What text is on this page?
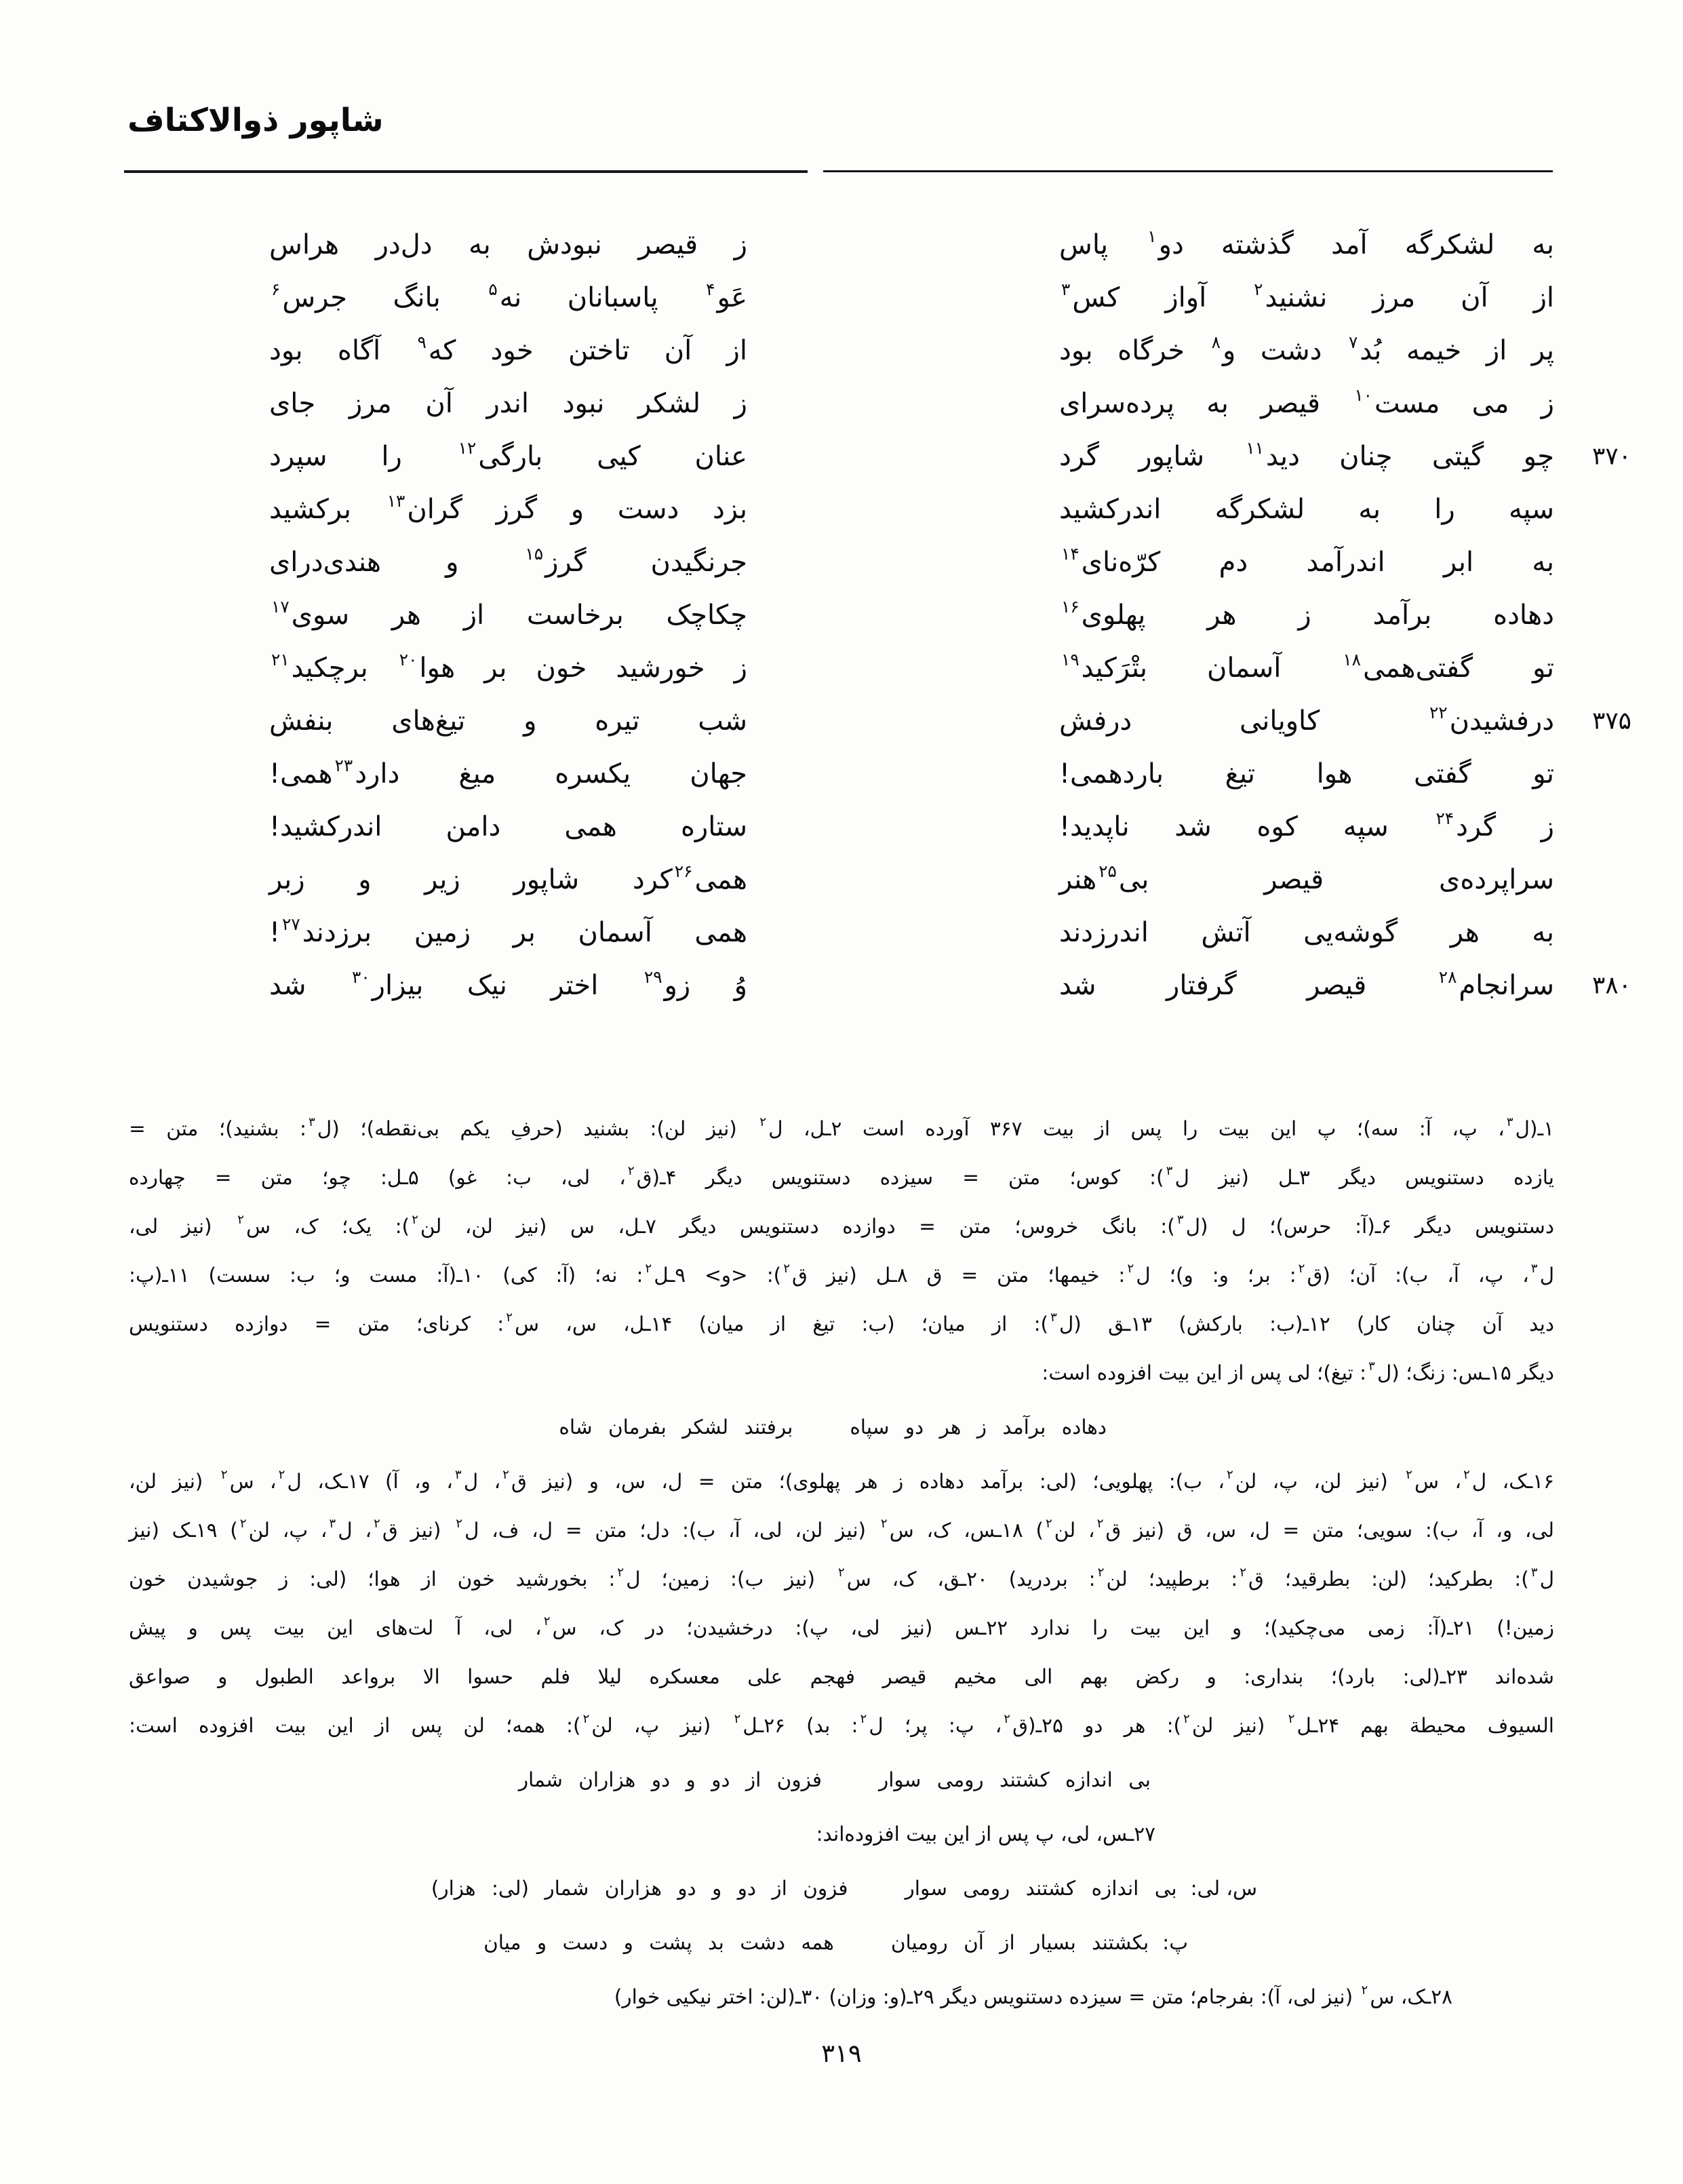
شاپور ذوالاکتاف
به لشکرگه آمد گذشته دو$^۱$ پاس
ز قیصر نبودش به دل‌در هراس
از آن مرز نشنید$^۲$ آواز کس$^۳$
عَو$^۴$ پاسبانان نه$^۵$ بانگ جرس$^۶$
پر از خیمه بُد$^۷$ دشت و$^۸$ خرگاه بود
از آن تاختن خود که$^۹$ آگاه بود
ز می مست$^{۱۰}$ قیصر به پرده‌سرای
ز لشکر نبود اندر آن مرز جای
چو گیتی چنان دید$^{۱۱}$ شاپور گرد
عنان کیی بارگی$^{۱۲}$ را سپرد	۳۷۰
سپه را به لشکرگه اندرکشید
بزد دست و گرز گران$^{۱۳}$ برکشید
به ابر اندرآمد دم کرّه‌نای$^{۱۴}$
جرنگیدن گرز$^{۱۵}$ و هندی‌درای
دهاده برآمد ز هر پهلوی$^{۱۶}$
چکاچک برخاست از هر سوی$^{۱۷}$
تو گفتی‌همی$^{۱۸}$ آسمان بتْرَکید$^{۱۹}$
ز خورشید خون بر هوا$^{۲۰}$ برچکید$^{۲۱}$
درفشیدن$^{۲۲}$ کاویانی درفش
شب تیره و تیغ‌های بنفش	۳۷۵
تو گفتی هوا تیغ باردهمی!
جهان یکسره میغ دارد$^{۲۳}$همی!
ز گرد$^{۲۴}$ سپه کوه شد ناپدید!
ستاره همی دامن اندرکشید!
سراپرده‌ی قیصر بی$^{۲۵}$هنر
همی$^{۲۶}$کرد شاپور زیر و زبر
به هر گوشه‌یی آتش اندرزدند
همی آسمان بر زمین برزدند$^{۲۷}$!
سرانجام$^{۲۸}$ قیصر گرفتار شد
وُ زو$^{۲۹}$ اختر نیک بیزار$^{۳۰}$ شد	۳۸۰
۱ـ(ل$^۳$، پ، آ: سه)؛ پ این بیت را پس از بیت ۳۶۷ آورده است ۲ـل، ل$^۲$ (نیز لن): بشنید (حرفِ یکم بی‌نقطه)؛ (ل$^۳$: بشنید)؛ متن =
یازده دستنویس دیگر ۳ـل (نیز ل$^۳$): کوس؛ متن = سیزده دستنویس دیگر ۴ـ(ق$^۲$، لی، ب: غو) ۵ـل: چو؛ متن = چهارده
دستنویس دیگر ۶ـ(آ: حرس)؛ ل (ل$^۳$): بانگ خروس؛ متن = دوازده دستنویس دیگر ۷ـل، س (نیز لن، لن$^۲$): یک؛ ک، س$^۲$ (نیز لی،
ل$^۳$، پ، آ، ب): آن؛ (ق$^۲$: بر؛ و: و)؛ ل$^۲$: خیمها؛ متن = ق ۸ـل (نیز ق$^۲$): <و> ۹ـل$^۲$: نه؛ (آ: کی) ۱۰ـ(آ: مست و؛ ب: سست) ۱۱ـ(پ:
دید آن چنان کار) ۱۲ـ(ب: بارکش) ۱۳ـق (ل$^۳$): از میان؛ (ب: تیغ از میان) ۱۴ـل، س، س$^۲$: کرنای؛ متن = دوازده دستنویس
دیگر ۱۵ـس: زنگ؛ (ل$^۳$: تیغ)؛ لی پس از این بیت افزوده است:
دهاده برآمد ز هر دو سپاهبرفتند لشکر بفرمان شاه
۱۶ـک، ل$^۲$، س$^۲$ (نیز لن، پ، لن$^۲$، ب): پهلویی؛ (لی: برآمد دهاده ز هر پهلوی)؛ متن = ل، س، و (نیز ق$^۲$، ل$^۳$، و، آ) ۱۷ـک، ل$^۲$، س$^۲$ (نیز لن،
لی، و، آ، ب): سویی؛ متن = ل، س، ق (نیز ق$^۲$، لن$^۲$) ۱۸ـس، ک، س$^۲$ (نیز لن، لی، آ، ب): دل؛ متن = ل، ف، ل$^۲$ (نیز ق$^۲$، ل$^۳$، پ، لن$^۲$) ۱۹ـک (نیز
ل$^۳$): بطرکید؛ (لن: بطرقید؛ ق$^۲$: برطپید؛ لن$^۲$: بردرید) ۲۰ـق، ک، س$^۲$ (نیز ب): زمین؛ ل$^۲$: بخورشید خون از هوا؛ (لی: ز جوشیدن خون
زمین!) ۲۱ـ(آ: زمی می‌چکید)؛ و این بیت را ندارد ۲۲ـس (نیز لی، پ): درخشیدن؛ در ک، س$^۲$، لی، آ لت‌های این بیت پس و پیش
شده‌اند ۲۳ـ(لی: بارد)؛ بنداری: و رکض بهم الی مخیم قیصر فهجم علی معسکره لیلا فلم حسوا الا برواعد الطبول و صواعق
السیوف محیطة بهم ۲۴ـل$^۲$ (نیز لن$^۲$): هر دو ۲۵ـ(ق$^۲$، پ: پر؛ ل$^۲$: بد) ۲۶ـل$^۲$ (نیز پ، لن$^۲$): همه؛ لن پس از این بیت افزوده است:
بی اندازه کشتند رومی سوارفزون از دو و دو هزاران شمار
۲۷ـس، لی، پ پس از این بیت افزوده‌اند:
س، لی:بی اندازه کشتند رومی سوارفزون از دو و دو هزاران شمار (لی: هزار)
پ:بکشتند بسیار از آن رومیانهمه دشت بد پشت و دست و میان
۲۸ـک، س$^۲$ (نیز لی، آ): بفرجام؛ متن = سیزده دستنویس دیگر ۲۹ـ(و: وزان) ۳۰ـ(لن: اختر نیکیی خوار)
۳۱۹
